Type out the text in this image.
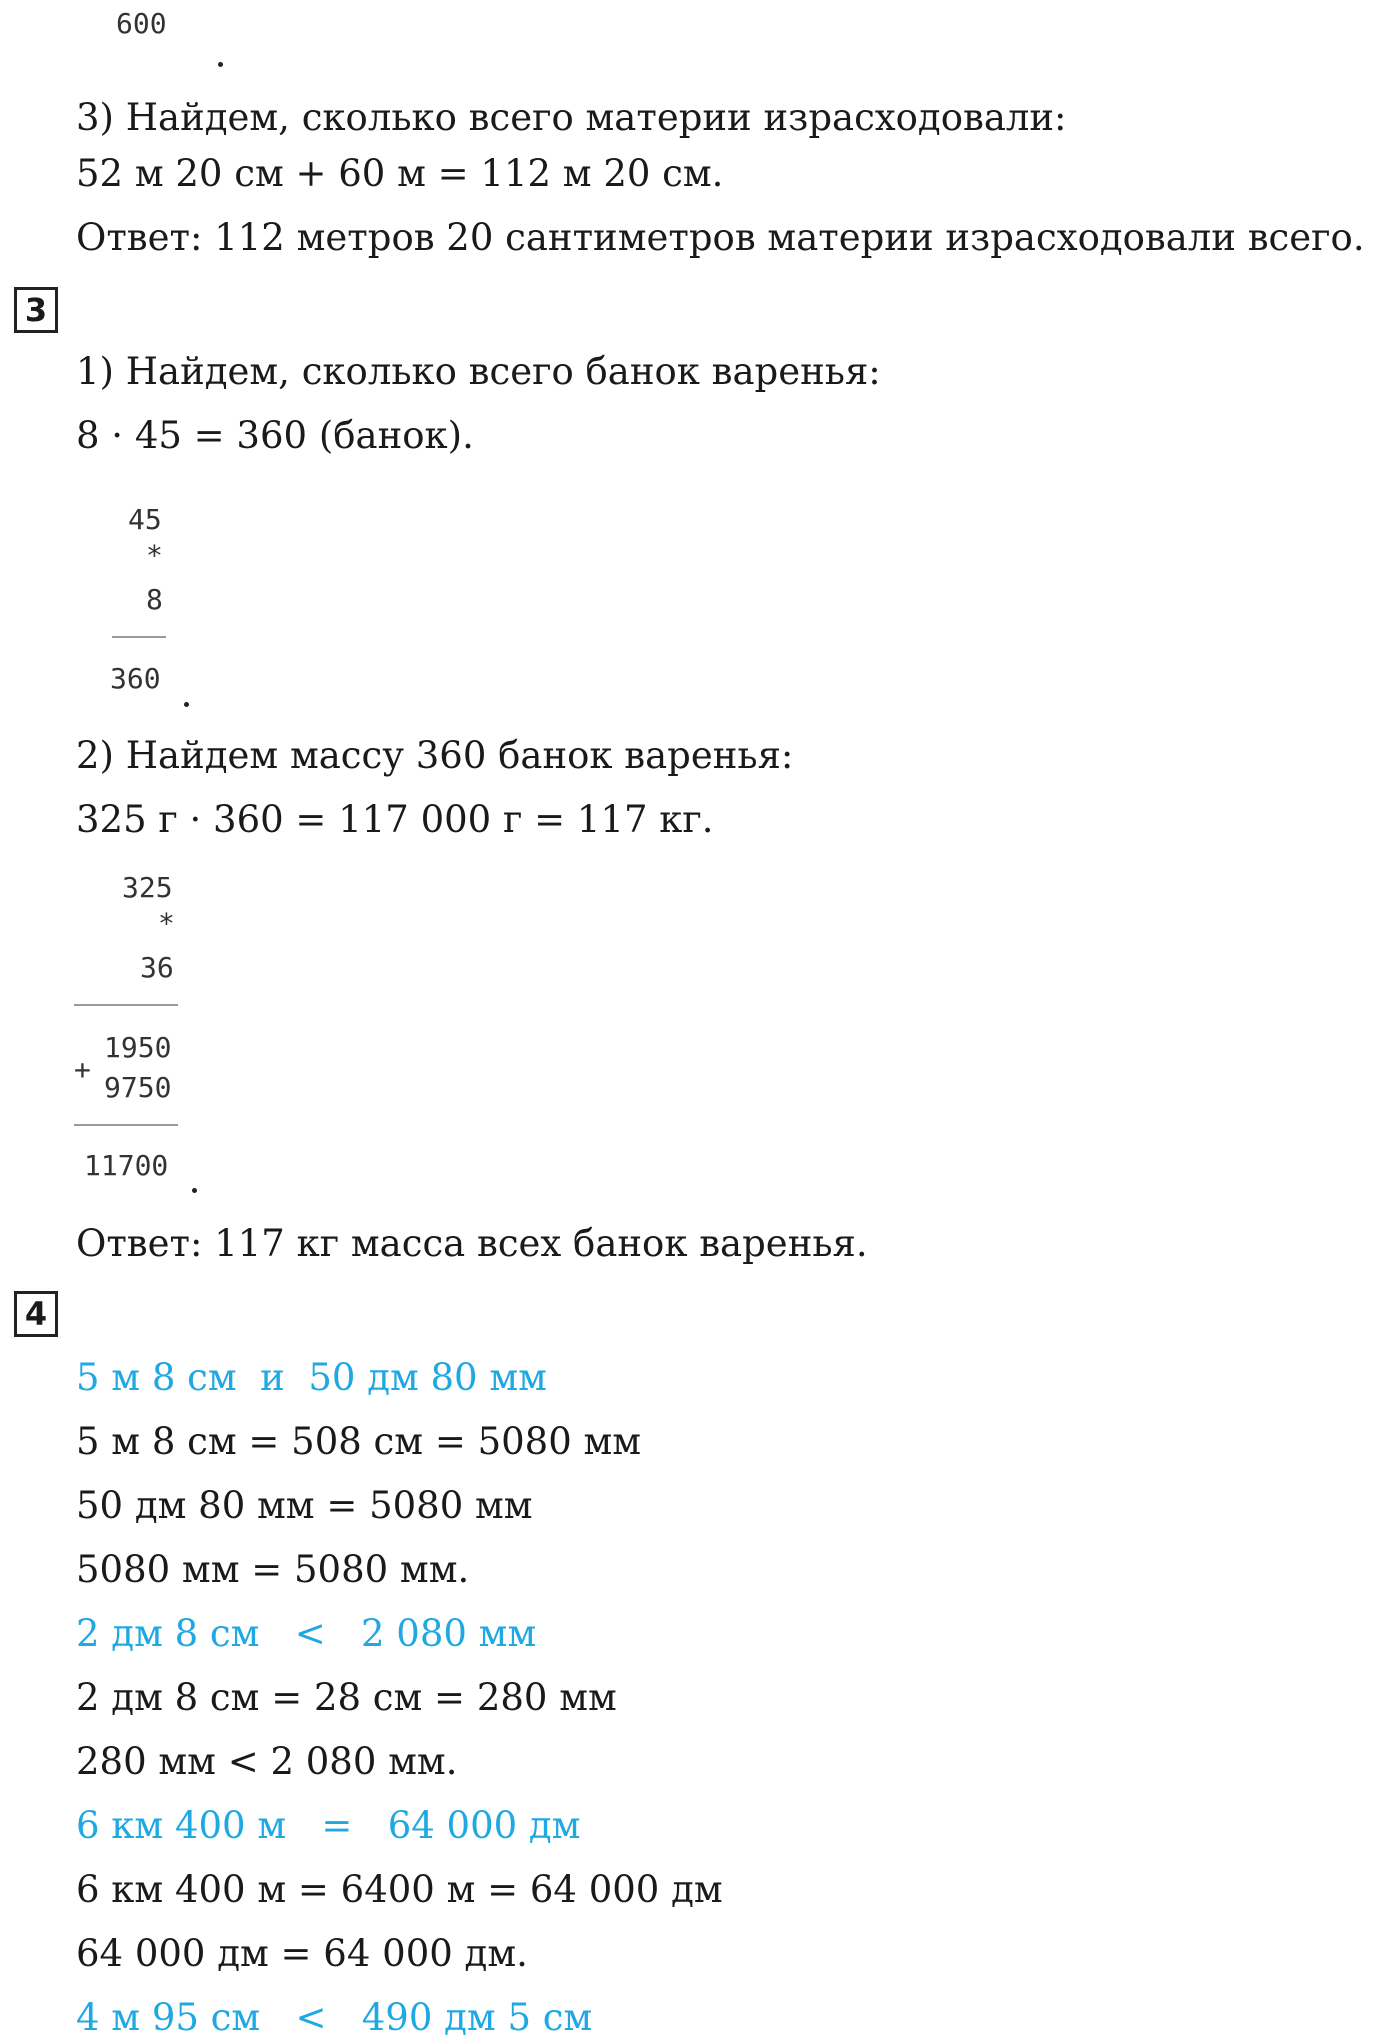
600
3) Найдем, сколько всего материи израсходовали:
52 м 20 см + 60 м = 112 м 20 см.
Ответ: 112 метров 20 сантиметров материи израсходовали всего.
3
1) Найдем, сколько всего банок варенья:
8 · 45 = 360 (банок).
45
*
8
360
2) Найдем массу 360 банок варенья:
325 г · 360 = 117 000 г = 117 кг.
325
*
36
+
1950
9750
11700
Ответ: 117 кг масса всех банок варенья.
4
5 м 8 см  и  50 дм 80 мм
5 м 8 см = 508 см = 5080 мм
50 дм 80 мм = 5080 мм
5080 мм = 5080 мм.
2 дм 8 см   <   2 080 мм
2 дм 8 см = 28 см = 280 мм
280 мм < 2 080 мм.
6 км 400 м   =   64 000 дм
6 км 400 м = 6400 м = 64 000 дм
64 000 дм = 64 000 дм.
4 м 95 см   <   490 дм 5 см
